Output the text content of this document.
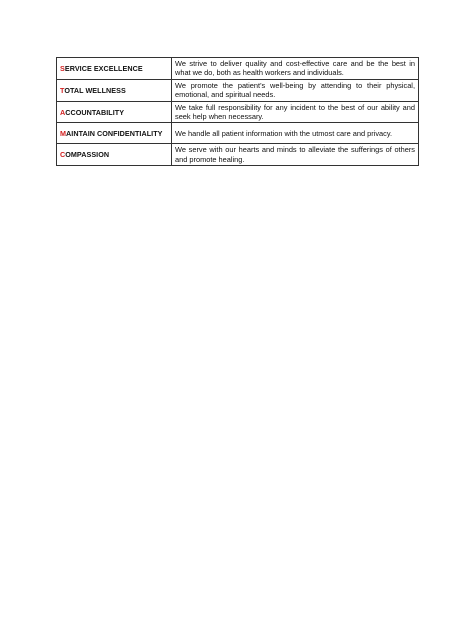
SERVICE EXCELLENCE	We strive to deliver quality and cost-effective care and be the best in what we do, both as health workers and individuals.
TOTAL WELLNESS	We promote the patient’s well-being by attending to their physical, emotional, and spiritual needs.
ACCOUNTABILITY	We take full responsibility for any incident to the best of our ability and seek help when necessary.
MAINTAIN CONFIDENTIALITY	We handle all patient information with the utmost care and privacy.
COMPASSION	We serve with our hearts and minds to alleviate the sufferings of others and promote healing.
